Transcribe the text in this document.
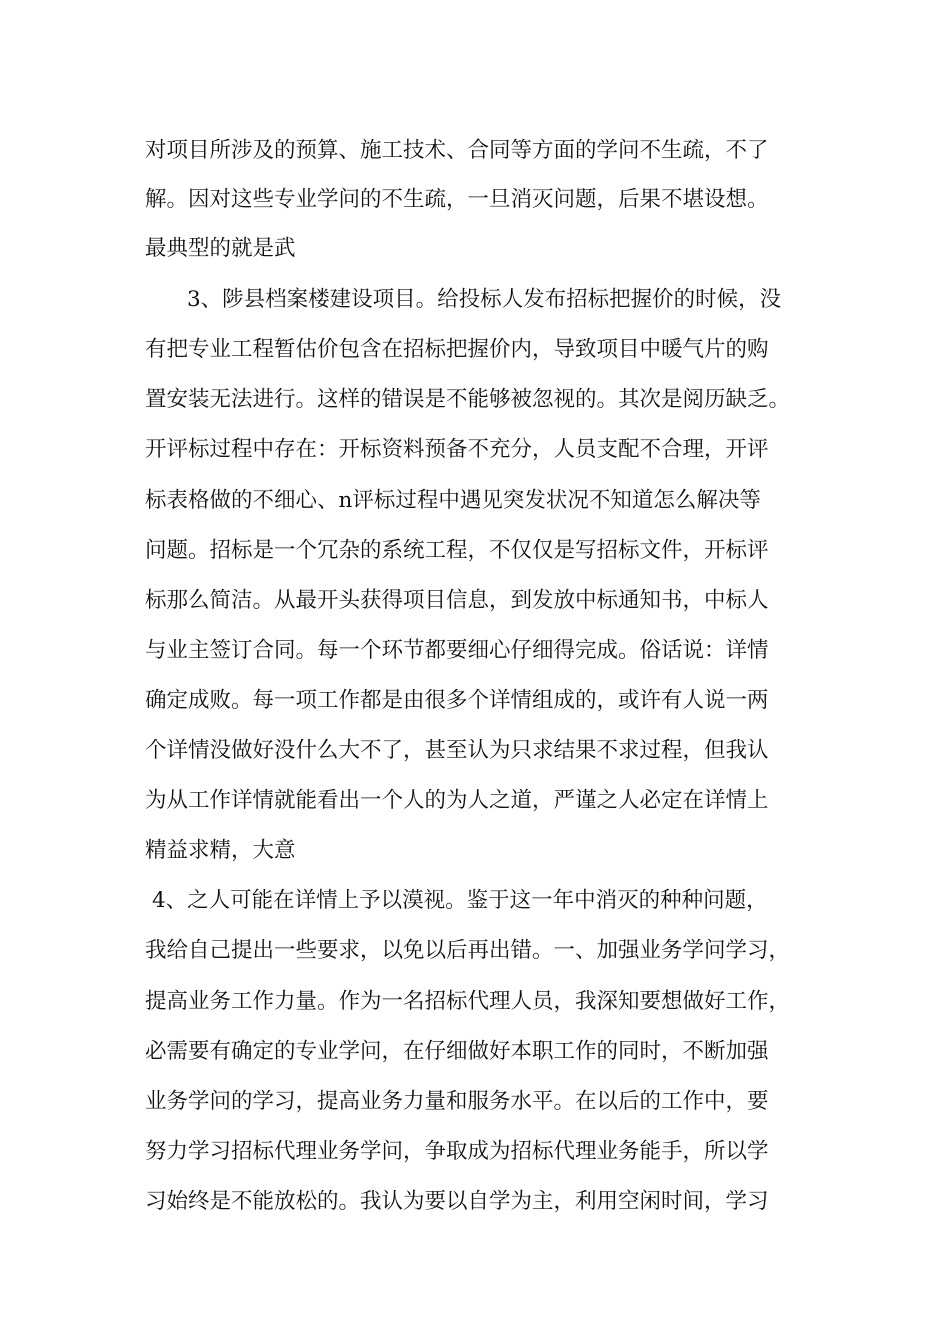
对项目所涉及的预算、施工技术、合同等方面的学问不生疏，不了
解。因对这些专业学问的不生疏，一旦消灭问题，后果不堪设想。
最典型的就是武
3、陟县档案楼建设项目。给投标人发布招标把握价的时候，没
有把专业工程暂估价包含在招标把握价内，导致项目中暖气片的购
置安装无法进行。这样的错误是不能够被忽视的。其次是阅历缺乏。
开评标过程中存在：开标资料预备不充分，人员支配不合理，开评
标表格做的不细心、n评标过程中遇见突发状况不知道怎么解决等
问题。招标是一个冗杂的系统工程，不仅仅是写招标文件，开标评
标那么简洁。从最开头获得项目信息，到发放中标通知书，中标人
与业主签订合同。每一个环节都要细心仔细得完成。俗话说：详情
确定成败。每一项工作都是由很多个详情组成的，或许有人说一两
个详情没做好没什么大不了，甚至认为只求结果不求过程，但我认
为从工作详情就能看出一个人的为人之道，严谨之人必定在详情上
精益求精，大意
4、之人可能在详情上予以漠视。鉴于这一年中消灭的种种问题，
我给自己提出一些要求，以免以后再出错。一、加强业务学问学习，
提高业务工作力量。作为一名招标代理人员，我深知要想做好工作，
必需要有确定的专业学问，在仔细做好本职工作的同时，不断加强
业务学问的学习，提高业务力量和服务水平。在以后的工作中，要
努力学习招标代理业务学问，争取成为招标代理业务能手，所以学
习始终是不能放松的。我认为要以自学为主，利用空闲时间，学习
